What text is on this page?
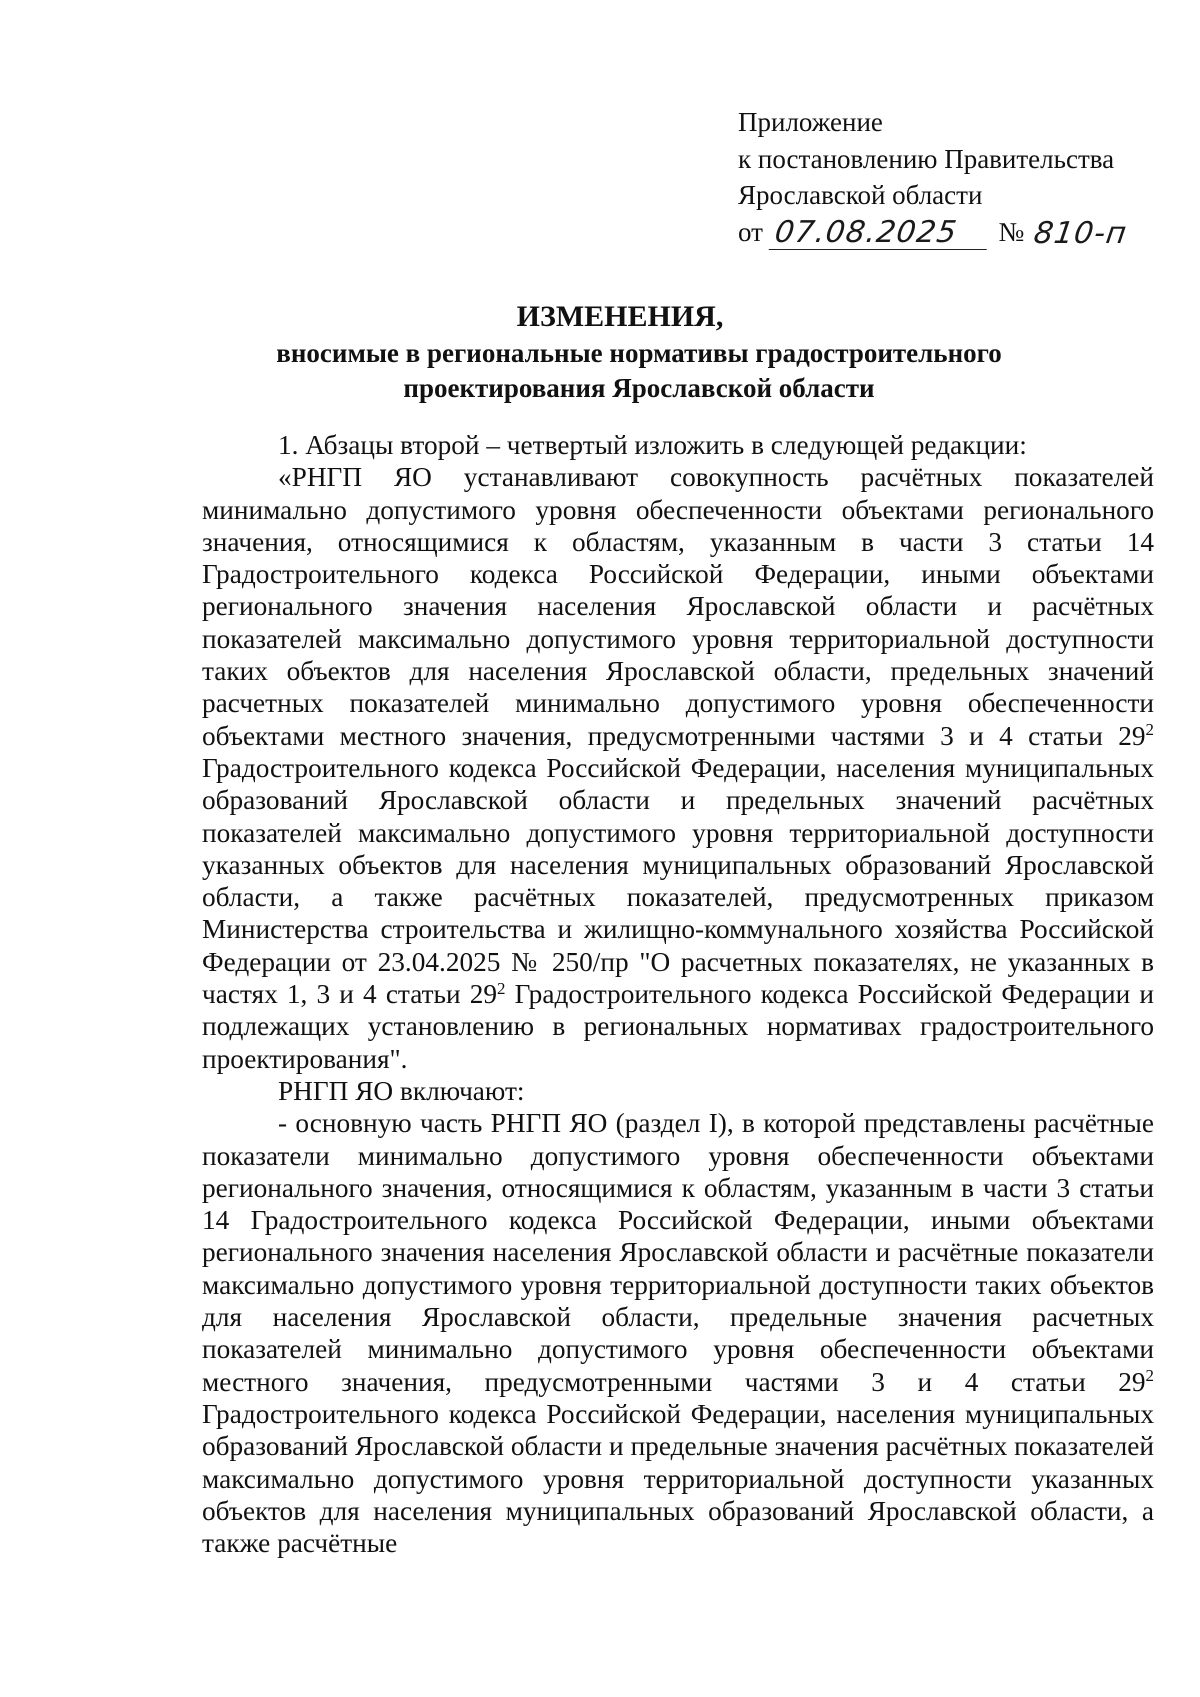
Приложение
к постановлению Правительства
Ярославской области
от 07.08.2025	№ 810-п
ИЗМЕНЕНИЯ,
вносимые в региональные нормативы градостроительного проектирования Ярославской области

1. Абзацы второй – четвертый изложить в следующей редакции:

«РНГП ЯО устанавливают совокупность расчётных показателей минимально допустимого уровня обеспеченности объектами регионального значения, относящимися к областям, указанным в части 3 статьи 14 Градостроительного кодекса Российской Федерации, иными объектами регионального значения населения Ярославской области и расчётных показателей максимально допустимого уровня территориальной доступности таких объектов для населения Ярославской области, предельных значений расчетных показателей минимально допустимого уровня обеспеченности объектами местного значения, предусмотренными частями 3 и 4 статьи $29^2$ Градостроительного кодекса Российской Федерации, населения муниципальных образований Ярославской области и предельных значений расчётных показателей максимально допустимого уровня территориальной доступности указанных объектов для населения муниципальных образований Ярославской области, а также расчётных показателей, предусмотренных приказом Министерства строительства и жилищно-коммунального хозяйства Российской Федерации от 23.04.2025 № 250/пр "О расчетных показателях, не указанных в частях 1, 3 и 4 статьи $29^2$ Градостроительного кодекса Российской Федерации и подлежащих установлению в региональных нормативах градостроительного проектирования".

РНГП ЯО включают:

- основную часть РНГП ЯО (раздел I), в которой представлены расчётные показатели минимально допустимого уровня обеспеченности объектами регионального значения, относящимися к областям, указанным в части 3 статьи 14 Градостроительного кодекса Российской Федерации, иными объектами регионального значения населения Ярославской области и расчётные показатели максимально допустимого уровня территориальной доступности таких объектов для населения Ярославской области, предельные значения расчетных показателей минимально допустимого уровня обеспеченности объектами местного значения, предусмотренными частями 3 и 4 статьи $29^2$ Градостроительного кодекса Российской Федерации, населения муниципальных образований Ярославской области и предельные значения расчётных показателей максимально допустимого уровня территориальной доступности указанных объектов для населения муниципальных образований Ярославской области, а также расчётные
